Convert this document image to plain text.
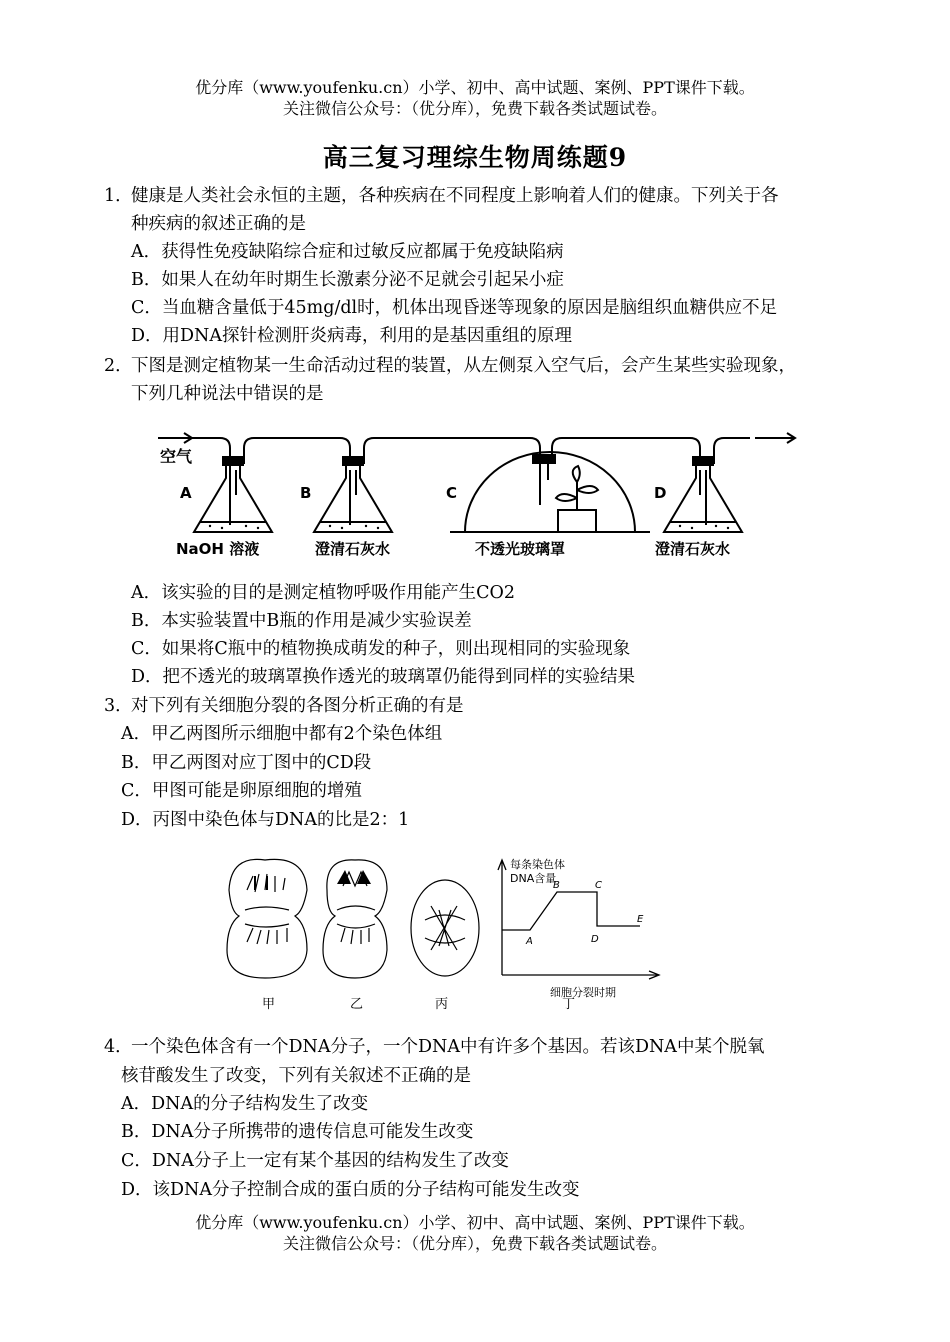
优分库（www.youfenku.cn）小学、初中、高中试题、案例、PPT课件下载。
关注微信公众号：（优分库），免费下载各类试题试卷。
高三复习理综生物周练题9
1．
健康是人类社会永恒的主题，各种疾病在不同程度上影响着人们的健康。下列关于各
种疾病的叙述正确的是
A．获得性免疫缺陷综合症和过敏反应都属于免疫缺陷病
B．如果人在幼年时期生长激素分泌不足就会引起呆小症
C．当血糖含量低于45mg/dl时，机体出现昏迷等现象的原因是脑组织血糖供应不足
D．用DNA探针检测肝炎病毒，利用的是基因重组的原理
2．
下图是测定植物某一生命活动过程的装置，从左侧泵入空气后，会产生某些实验现象，
下列几种说法中错误的是
空气
A	B	C	D
NaOH 溶液	澄清石灰水	不透光玻璃罩	澄清石灰水
A．该实验的目的是测定植物呼吸作用能产生CO2
B．本实验装置中B瓶的作用是减少实验误差
C．如果将C瓶中的植物换成萌发的种子，则出现相同的实验现象
D．把不透光的玻璃罩换作透光的玻璃罩仍能得到同样的实验结果
3．
对下列有关细胞分裂的各图分析正确的有是
A．甲乙两图所示细胞中都有2个染色体组
B．甲乙两图对应丁图中的CD段
C．甲图可能是卵原细胞的增殖
D．丙图中染色体与DNA的比是2：1
每条染色体
DNA含量
细胞分裂时期
A
B	C
D
E
甲	乙	丙	丁
4．
一个染色体含有一个DNA分子，一个DNA中有许多个基因。若该DNA中某个脱氧
核苷酸发生了改变，下列有关叙述不正确的是
A．DNA的分子结构发生了改变
B．DNA分子所携带的遗传信息可能发生改变
C．DNA分子上一定有某个基因的结构发生了改变
D．该DNA分子控制合成的蛋白质的分子结构可能发生改变
优分库（www.youfenku.cn）小学、初中、高中试题、案例、PPT课件下载。
关注微信公众号：（优分库），免费下载各类试题试卷。
